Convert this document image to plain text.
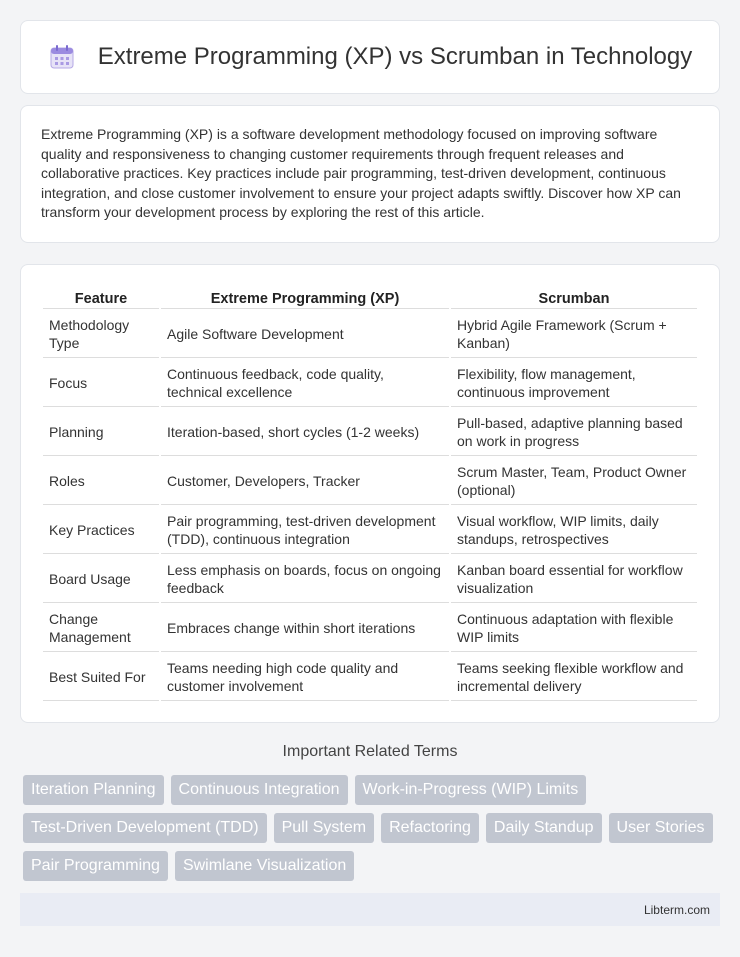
Extreme Programming (XP) vs Scrumban in Technology

Extreme Programming (XP) is a software development methodology focused on improving software quality and responsiveness to changing customer requirements through frequent releases and collaborative practices. Key practices include pair programming, test-driven development, continuous integration, and close customer involvement to ensure your project adapts swiftly. Discover how XP can transform your development process by exploring the rest of this article.

Feature	Extreme Programming (XP)	Scrumban
Methodology Type	Agile Software Development	Hybrid Agile Framework (Scrum + Kanban)
Focus	Continuous feedback, code quality, technical excellence	Flexibility, flow management, continuous improvement
Planning	Iteration-based, short cycles (1-2 weeks)	Pull-based, adaptive planning based on work in progress
Roles	Customer, Developers, Tracker	Scrum Master, Team, Product Owner (optional)
Key Practices	Pair programming, test-driven development (TDD), continuous integration	Visual workflow, WIP limits, daily standups, retrospectives
Board Usage	Less emphasis on boards, focus on ongoing feedback	Kanban board essential for workflow visualization
Change Management	Embraces change within short iterations	Continuous adaptation with flexible WIP limits
Best Suited For	Teams needing high code quality and customer involvement	Teams seeking flexible workflow and incremental delivery
Important Related Terms
Iteration Planning	Continuous Integration	Work-in-Progress (WIP) Limits
Test-Driven Development (TDD)	Pull System	Refactoring	Daily Standup	User Stories
Pair Programming	Swimlane Visualization
Libterm.com
